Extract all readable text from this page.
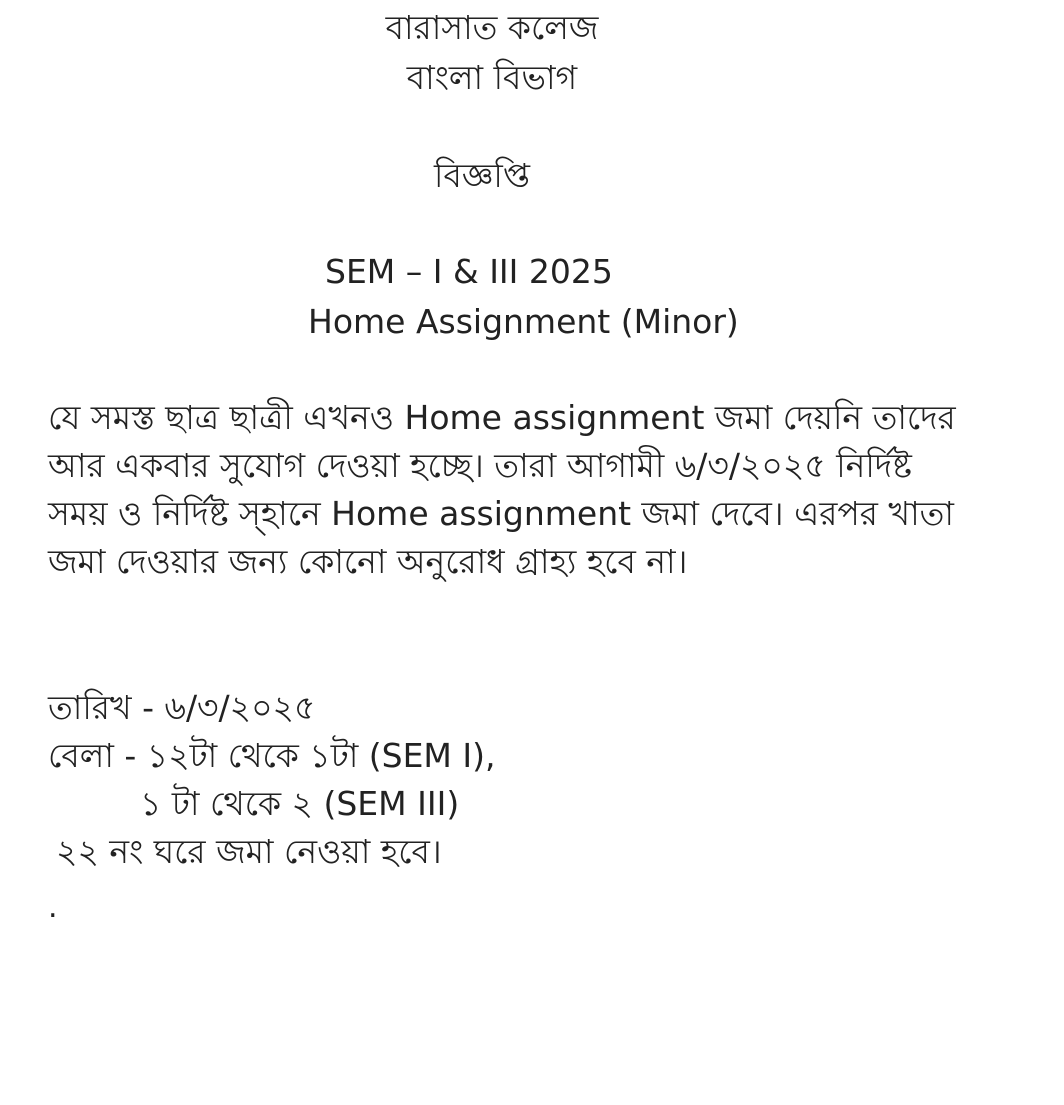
বারাসাত কলেজ
বাংলা বিভাগ
বিজ্ঞপ্তি
SEM – I & III 2025
Home Assignment (Minor)
যে সমস্ত ছাত্র ছাত্রী এখনও Home assignment জমা দেয়নি তাদের
আর একবার সুযোগ দেওয়া হচ্ছে। তারা আগামী ৬/৩/২০২৫ নির্দিষ্ট
সময় ও নির্দিষ্ট স্হানে Home assignment জমা দেবে। এরপর খাতা
জমা দেওয়ার জন্য কোনো অনুরোধ গ্রাহ্য হবে না।
তারিখ - ৬/৩/২০২৫
বেলা - ১২টা থেকে ১টা (SEM I),
১ টা থেকে ২ (SEM III)
২২ নং ঘরে জমা নেওয়া হবে।
.
